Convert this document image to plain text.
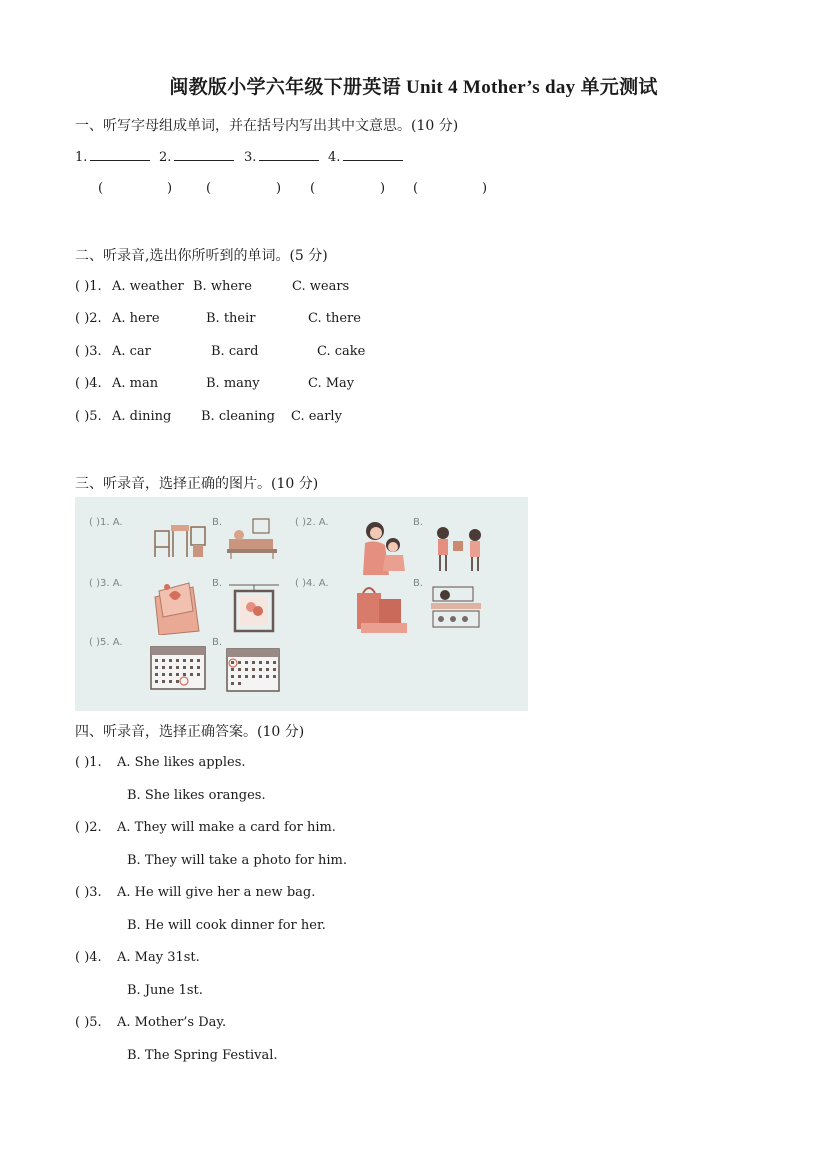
闽教版小学六年级下册英语 Unit 4 Mother’s day 单元测试
一、听写字母组成单词，并在括号内写出其中文意思。(10 分)
1.	2.	3.	4.
(	)	(	) (	) (	)
二、听录音,选出你所听到的单词。(5 分)
( )1. A. weather B. where	C. wears
( )2. A. here	B. their	C. there
( )3. A. car	B. card	C. cake
( )4. A. man	B. many	C. May
( )5. A. dining B. cleaning C. early
三、听录音，选择正确的图片。(10 分)
( )1. A.	B.	( )2. A.	B.
( )3. A.	B.	( )4. A.	B.
( )5. A.	B.
四、听录音，选择正确答案。(10 分)
( )1. A. She likes apples.
B. She likes oranges.
( )2. A. They will make a card for him.
B. They will take a photo for him.
( )3. A. He will give her a new bag.
B. He will cook dinner for her.
( )4. A. May 31st.
B. June 1st.
( )5. A. Mother’s Day.
B. The Spring Festival.
